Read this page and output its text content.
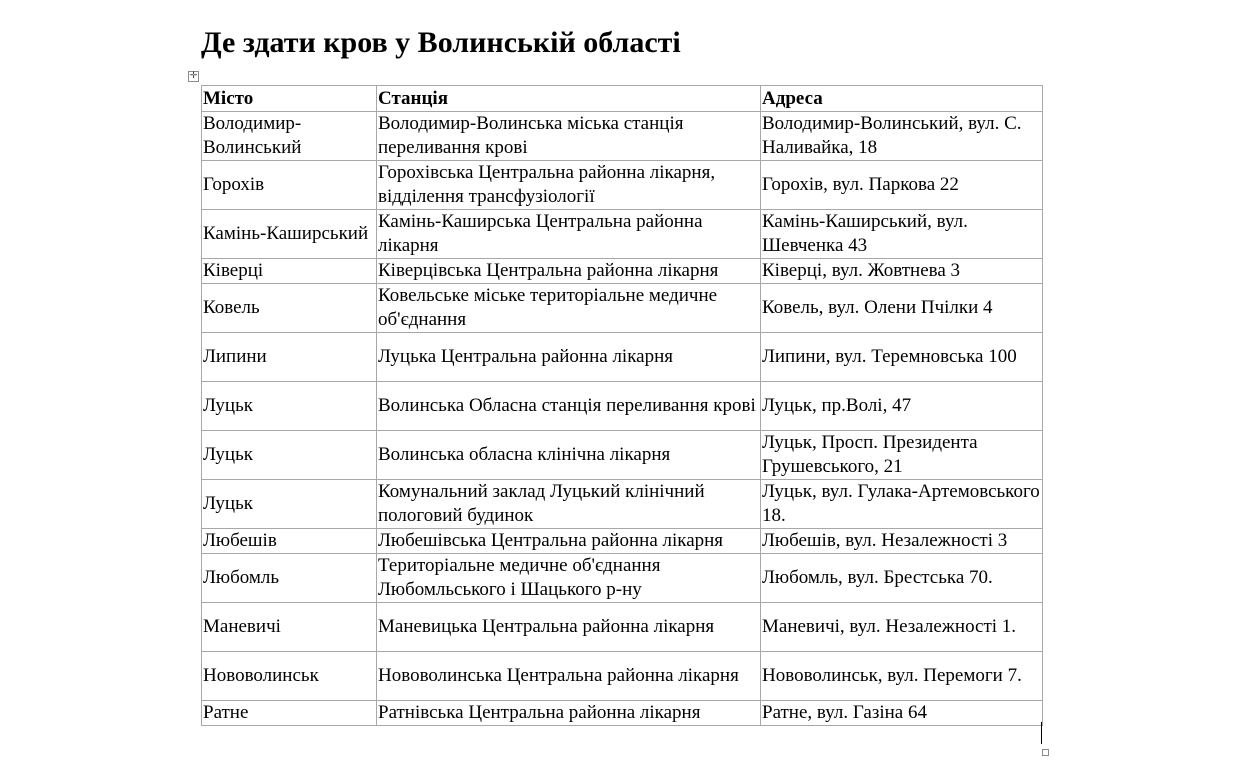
Де здати кров у Волинській області
✛
Місто	Станція	Адреса
Володимир-Волинський	Володимир-Волинська міська станція переливання крові	Володимир-Волинський, вул. С. Наливайка, 18
Горохів	Горохівська Центральна районна лікарня, відділення трансфузіології	Горохів, вул. Паркова 22
Камінь-Каширський	Камінь-Каширська Центральна районна лікарня	Камінь-Каширський, вул. Шевченка 43
Ківерці	Ківерцівська Центральна районна лікарня	Ківерці, вул. Жовтнева 3
Ковель	Ковельське міське територіальне медичне об'єднання	Ковель, вул. Олени Пчілки 4
Липини	Луцька Центральна районна лікарня	Липини, вул. Теремновська 100
Луцьк	Волинська Обласна станція переливання крові	Луцьк, пр.Волі, 47
Луцьк	Волинська обласна клінічна лікарня	Луцьк, Просп. Президента Грушевського, 21
Луцьк	Комунальний заклад Луцький клінічний пологовий будинок	Луцьк, вул. Гулака-Артемовського 18.
Любешів	Любешівська Центральна районна лікарня	Любешів, вул. Незалежності 3
Любомль	Територіальне медичне об'єднання Любомльського і Шацького р-ну	Любомль, вул. Брестська 70.
Маневичі	Маневицька Центральна районна лікарня	Маневичі, вул. Незалежності 1.
Нововолинськ	Нововолинська Центральна районна лікарня	Нововолинськ, вул. Перемоги 7.
Ратне	Ратнівська Центральна районна лікарня	Ратне, вул. Газіна 64
